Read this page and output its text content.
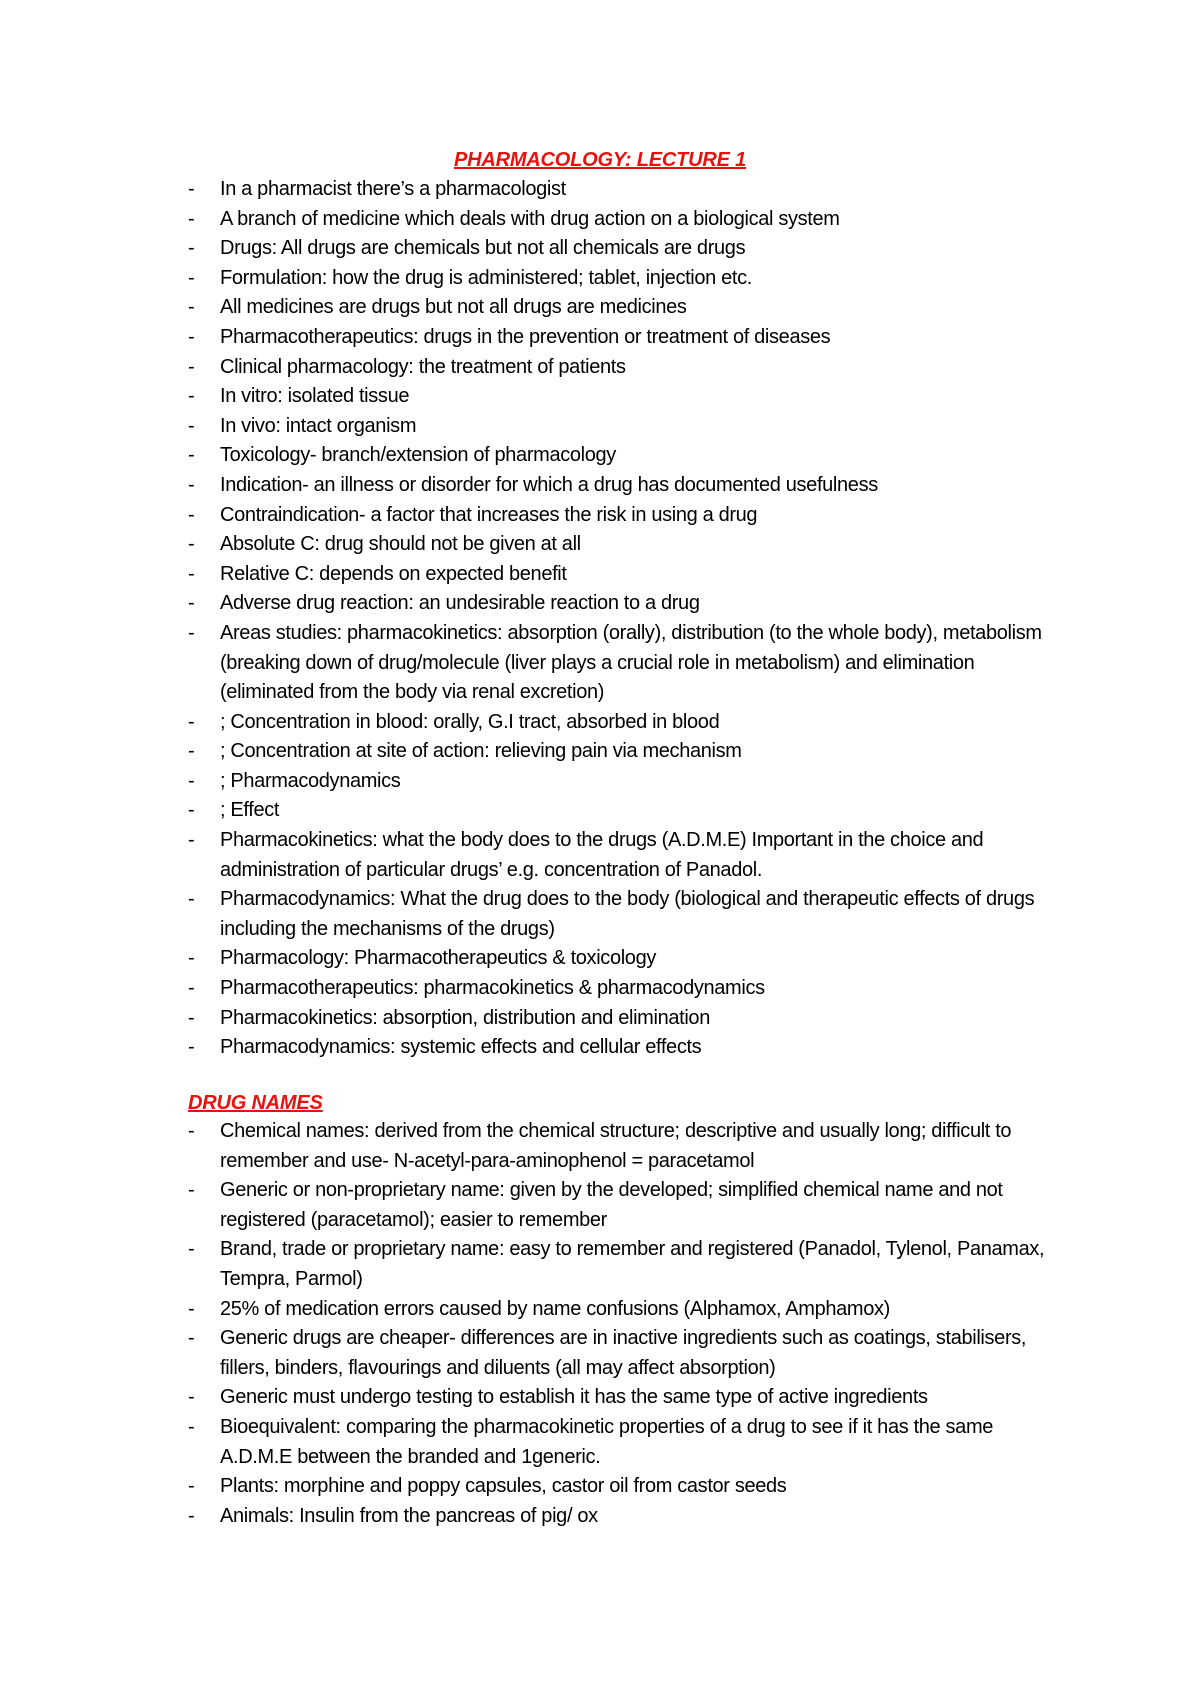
PHARMACOLOGY: LECTURE 1
-	In a pharmacist there’s a pharmacologist
-	A branch of medicine which deals with drug action on a biological system
-	Drugs: All drugs are chemicals but not all chemicals are drugs
-	Formulation: how the drug is administered; tablet, injection etc.
-	All medicines are drugs but not all drugs are medicines
-	Pharmacotherapeutics: drugs in the prevention or treatment of diseases
-	Clinical pharmacology: the treatment of patients
-	In vitro: isolated tissue
-	In vivo: intact organism
-	Toxicology- branch/extension of pharmacology
-	Indication- an illness or disorder for which a drug has documented usefulness
-	Contraindication- a factor that increases the risk in using a drug
-	Absolute C: drug should not be given at all
-	Relative C: depends on expected benefit
-	Adverse drug reaction: an undesirable reaction to a drug
-	Areas studies: pharmacokinetics: absorption (orally), distribution (to the whole body), metabolism (breaking down of drug/molecule (liver plays a crucial role in metabolism) and elimination (eliminated from the body via renal excretion)
-	; Concentration in blood: orally, G.I tract, absorbed in blood
-	; Concentration at site of action: relieving pain via mechanism
-	; Pharmacodynamics
-	; Effect
-	Pharmacokinetics: what the body does to the drugs (A.D.M.E) Important in the choice and administration of particular drugs’ e.g. concentration of Panadol.
-	Pharmacodynamics: What the drug does to the body (biological and therapeutic effects of drugs including the mechanisms of the drugs)
-	Pharmacology: Pharmacotherapeutics & toxicology
-	Pharmacotherapeutics: pharmacokinetics & pharmacodynamics
-	Pharmacokinetics: absorption, distribution and elimination
-	Pharmacodynamics: systemic effects and cellular effects
DRUG NAMES
-	Chemical names: derived from the chemical structure; descriptive and usually long; difficult to remember and use- N-acetyl-para-aminophenol = paracetamol
-	Generic or non-proprietary name: given by the developed; simplified chemical name and not registered (paracetamol); easier to remember
-	Brand, trade or proprietary name: easy to remember and registered (Panadol, Tylenol, Panamax, Tempra, Parmol)
-	25% of medication errors caused by name confusions (Alphamox, Amphamox)
-	Generic drugs are cheaper- differences are in inactive ingredients such as coatings, stabilisers, fillers, binders, flavourings and diluents (all may affect absorption)
-	Generic must undergo testing to establish it has the same type of active ingredients
-	Bioequivalent: comparing the pharmacokinetic properties of a drug to see if it has the same A.D.M.E between the branded and 1generic.
-	Plants: morphine and poppy capsules, castor oil from castor seeds
-	Animals: Insulin from the pancreas of pig/ ox
